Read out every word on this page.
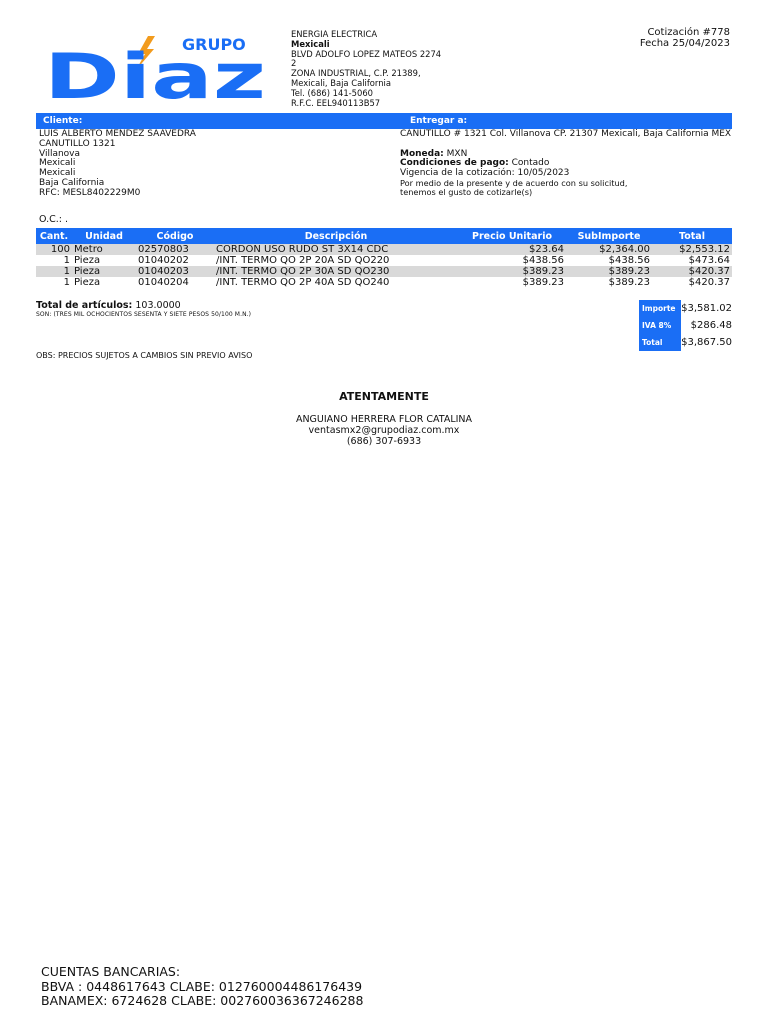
GRUPO
Diaz
ENERGIA ELECTRICA
Mexicali
BLVD ADOLFO LOPEZ MATEOS 2274
2
ZONA INDUSTRIAL, C.P. 21389,
Mexicali, Baja California
Tel. (686) 141-5060
R.F.C. EEL940113B57
Cotización #778
Fecha 25/04/2023
Cliente:	Entregar a:
LUIS ALBERTO MENDEZ SAAVEDRA
CANUTILLO 1321
Villanova
Mexicali
Mexicali
Baja California
RFC: MESL8402229M0
CANUTILLO # 1321 Col. Villanova CP. 21307 Mexicali, Baja California MEX
Moneda: MXN
Condiciones de pago: Contado
Vigencia de la cotización: 10/05/2023
Por medio de la presente y de acuerdo con su solicitud,
tenemos el gusto de cotizarle(s)
O.C.: .
Cant.	Unidad	Código	Descripción	Precio Unitario	SubImporte	Total
100	Metro	02570803	CORDON USO RUDO ST 3X14 CDC	$23.64	$2,364.00	$2,553.12
1	Pieza	01040202	/INT. TERMO QO 2P 20A SD QO220	$438.56	$438.56	$473.64
1	Pieza	01040203	/INT. TERMO QO 2P 30A SD QO230	$389.23	$389.23	$420.37
1	Pieza	01040204	/INT. TERMO QO 2P 40A SD QO240	$389.23	$389.23	$420.37
Total de artículos: 103.0000
SON: (TRES MIL OCHOCIENTOS SESENTA Y SIETE PESOS 50/100 M.N.)
OBS: PRECIOS SUJETOS A CAMBIOS SIN PREVIO AVISO
Importe $3,581.02
IVA 8%	$286.48
Total	$3,867.50
ATENTAMENTE
ANGUIANO HERRERA FLOR CATALINA
ventasmx2@grupodiaz.com.mx
(686) 307-6933
CUENTAS BANCARIAS:
BBVA : 0448617643 CLABE: 012760004486176439
BANAMEX: 6724628 CLABE: 002760036367246288
